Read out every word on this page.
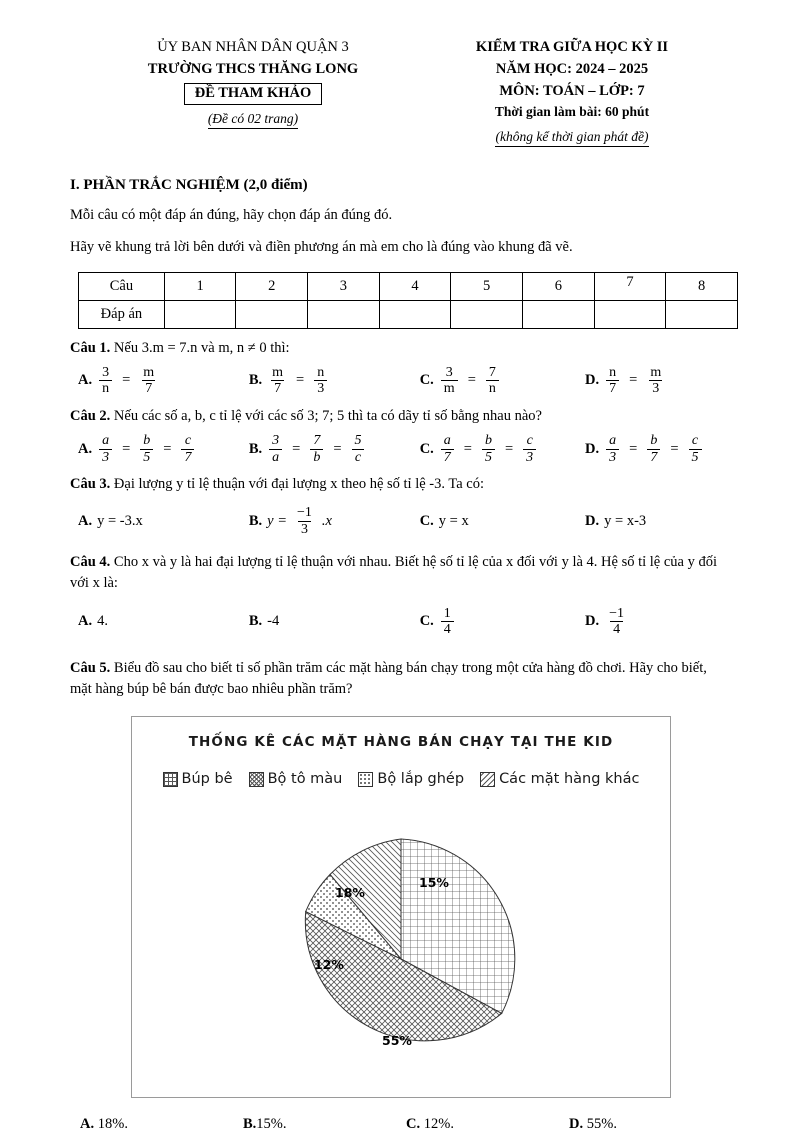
ỦY BAN NHÂN DÂN QUẬN 3
TRƯỜNG THCS THĂNG LONG
ĐỀ THAM KHẢO
(Đề có 02 trang)
KIỂM TRA GIỮA HỌC KỲ II
NĂM HỌC: 2024 – 2025
MÔN: TOÁN – LỚP: 7
Thời gian làm bài: 60 phút
(không kể thời gian phát đề)
I. PHẦN TRẮC NGHIỆM (2,0 điểm)
Mỗi câu có một đáp án đúng, hãy chọn đáp án đúng đó.
Hãy vẽ khung trả lời bên dưới và điền phương án mà em cho là đúng vào khung đã vẽ.
Câu	1	2	3	4	5	6	7	8
Đáp án								
Câu 1. Nếu 3.m = 7.n và m, n ≠ 0 thì:
A. $\frac{3}{n} = \frac{m}{7}$	B. $\frac{m}{7} = \frac{n}{3}$	C. $\frac{3}{m} = \frac{7}{n}$	D. $\frac{n}{7} = \frac{m}{3}$
Câu 2. Nếu các số a, b, c tỉ lệ với các số 3; 7; 5 thì ta có dãy tỉ số bằng nhau nào?
A. $\frac{a}{3} = \frac{b}{5} = \frac{c}{7}$	B. $\frac{3}{a} = \frac{7}{b} = \frac{5}{c}$	C. $\frac{a}{7} = \frac{b}{5} = \frac{c}{3}$	D. $\frac{a}{3} = \frac{b}{7} = \frac{c}{5}$
Câu 3. Đại lượng y tỉ lệ thuận với đại lượng x theo hệ số tỉ lệ -3. Ta có:
A. y = -3.x	B. $y = \frac{-1}{3} .x$	C. y = x	D. y = x-3
Câu 4. Cho x và y là hai đại lượng tỉ lệ thuận với nhau. Biết hệ số tỉ lệ của x đối với y là 4. Hệ số tỉ lệ của y đối với x là:
A. 4.	B. -4	C. $\frac{1}{4}$	D. $\frac{-1}{4}$
Câu 5. Biểu đồ sau cho biết tỉ số phần trăm các mặt hàng bán chạy trong một cửa hàng đồ chơi. Hãy cho biết, mặt hàng búp bê bán được bao nhiêu phần trăm?
THỐNG KÊ CÁC MẶT HÀNG BÁN CHẠY TẠI THE KID
Búp bê Bộ tô màu Bộ lắp ghép Các mặt hàng khác
15%
55%
12%
18%
A. 18%.	B.15%.	C. 12%.	D. 55%.
